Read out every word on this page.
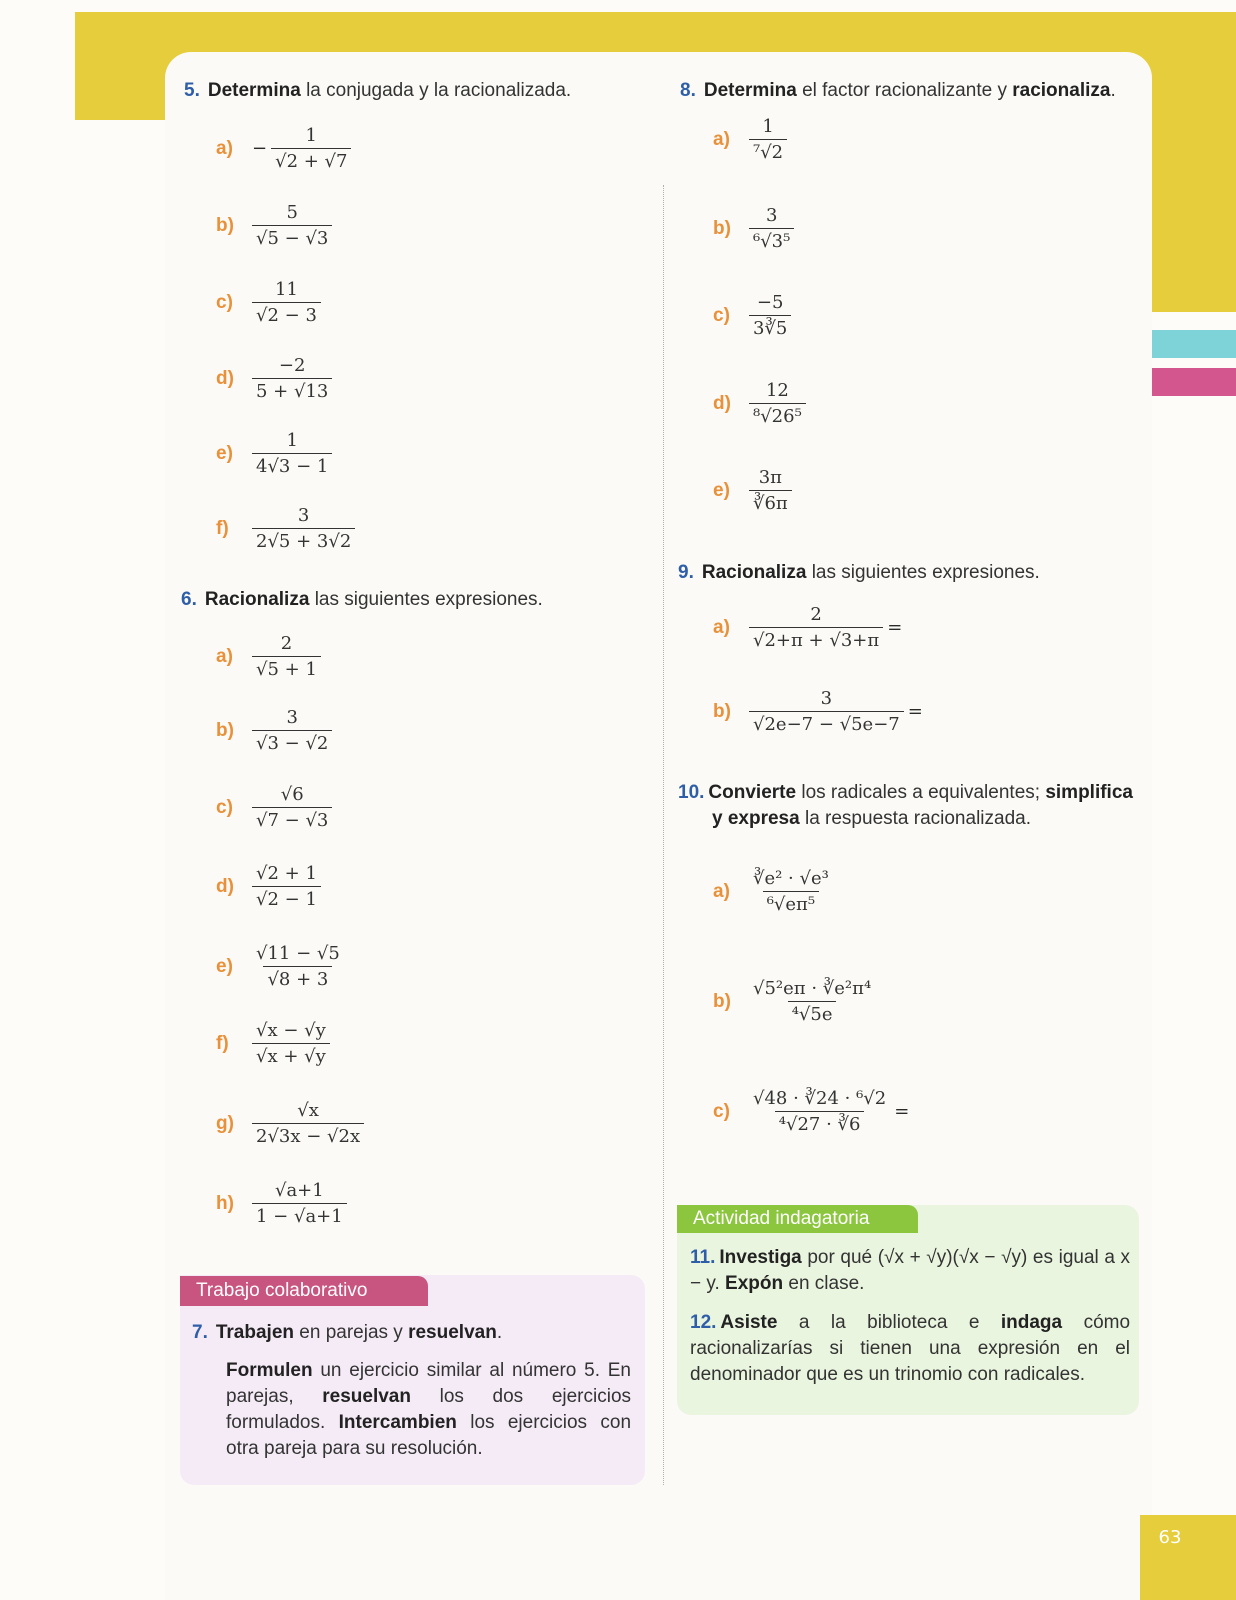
5. Determina la conjugada y la racionalizada.
a)	− $\frac{1}{√2 + √7}$
b)	$\frac{5}{√5 - √3}$
c)	$\frac{11}{√2 - 3}$
d)	$\frac{-2}{5 + √13}$
e)	$\frac{1}{4√3 - 1}$
f)	$\frac{3}{2√5 + 3√2}$
6. Racionaliza las siguientes expresiones.
a)	$\frac{2}{√5 + 1}$
b)	$\frac{3}{√3 - √2}$
c)	$\frac{√6}{√7 - √3}$
d)	$\frac{√2 + 1}{√2 - 1}$
e)	$\frac{√11 - √5}{√8 + 3}$
f)	$\frac{√x - √y}{√x + √y}$
g)	$\frac{√x}{2√3x - √2x}$
h)	$\frac{√a+1}{1 - √a+1}$
Trabajo colaborativo
7. Trabajen en parejas y resuelvan.
Formulen un ejercicio similar al número 5. En parejas, resuelvan los dos ejercicios formulados. Intercambien los ejercicios con otra pareja para su resolución.
8. Determina el factor racionalizante y racionaliza.
a)	$\frac{1}{\text{⁷√2}}$
b)	$\frac{3}{\text{⁶√3⁵}}$
c)	$\frac{-5}{3∛5}$
d)	$\frac{12}{\text{⁸√26⁵}}$
e)	$\frac{3\pi}{∛6\pi}$
9. Racionaliza las siguientes expresiones.
a)	$\frac{2}{√2+\pi + √3+\pi}$ =
b)	$\frac{3}{√2e-7 - √5e-7}$ =
10. Convierte los radicales a equivalentes; simplifica
y expresa la respuesta racionalizada.
a)	$\frac{\text{∛e² · √e³}}{\text{⁶√eπ⁵}}$
b)	$\frac{\text{√5²eπ · ∛e²π⁴}}{\text{⁴√5e}}$
c)	$\frac{\text{√48 · ∛24 · ⁶√2}}{\text{⁴√27 · ∛6}}$ =
Actividad indagatoria
11. Investiga por qué (√x + √y)(√x − √y) es igual a x − y. Expón en clase.
12. Asiste a la biblioteca e indaga cómo racionalizarías si tienen una expresión en el denominador que es un trinomio con radicales.
63
